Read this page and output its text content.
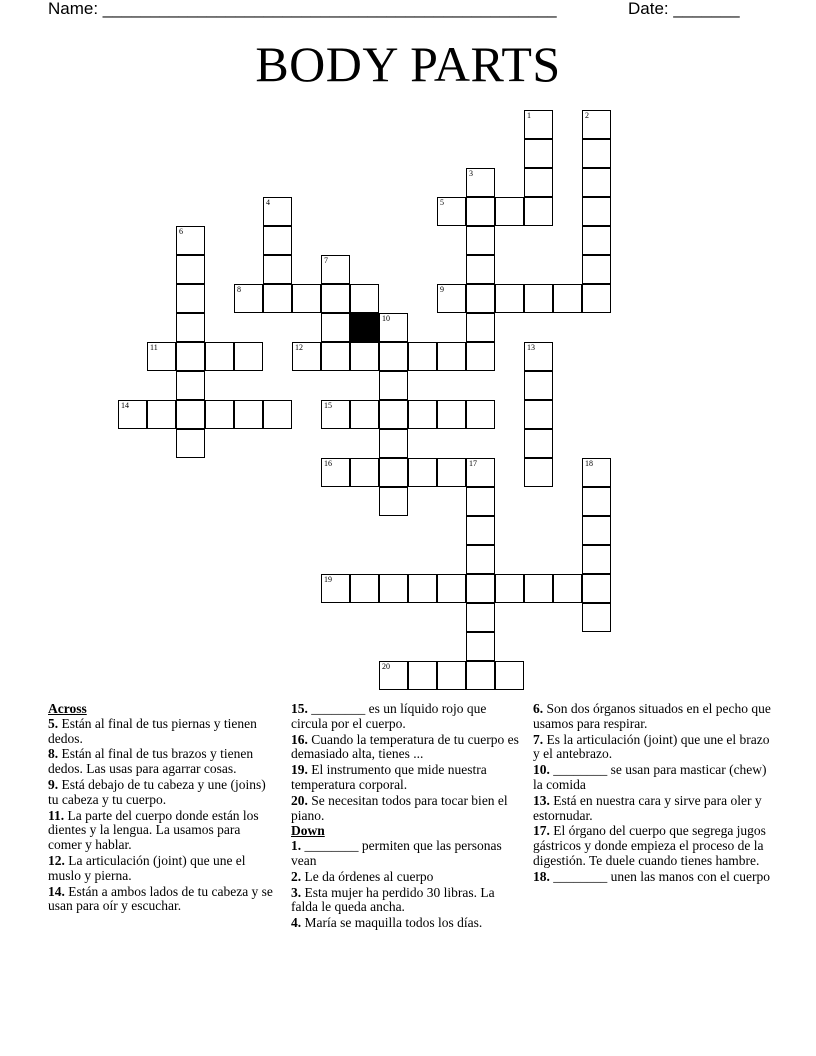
Name: ________________________________________________	Date: _______
BODY PARTS
1	2
3
4	5
6
7
8	9
10
11	12	13
14	15
16	17	18
19
20
Across
5. Están al final de tus piernas y tienen dedos.
8. Están al final de tus brazos y tienen dedos. Las usas para agarrar cosas.
9. Está debajo de tu cabeza y une (joins) tu cabeza y tu cuerpo.
11. La parte del cuerpo donde están los dientes y la lengua. La usamos para comer y hablar.
12. La articulación (joint) que une el muslo y pierna.
14. Están a ambos lados de tu cabeza y se usan para oír y escuchar.
15. ________ es un líquido rojo que circula por el cuerpo.
16. Cuando la temperatura de tu cuerpo es demasiado alta, tienes ...
19. El instrumento que mide nuestra temperatura corporal.
20. Se necesitan todos para tocar bien el piano.
Down
1. ________ permiten que las personas vean
2. Le da órdenes al cuerpo
3. Esta mujer ha perdido 30 libras. La falda le queda ancha.
4. María se maquilla todos los días.
6. Son dos órganos situados en el pecho que usamos para respirar.
7. Es la articulación (joint) que une el brazo y el antebrazo.
10. ________ se usan para masticar (chew) la comida
13. Está en nuestra cara y sirve para oler y estornudar.
17. El órgano del cuerpo que segrega jugos gástricos y donde empieza el proceso de la digestión. Te duele cuando tienes hambre.
18. ________ unen las manos con el cuerpo
